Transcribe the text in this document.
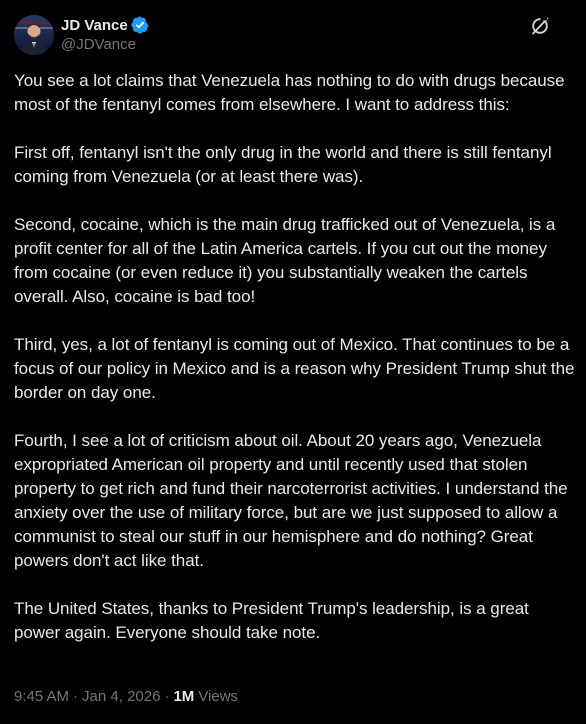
JD Vance
@JDVance

You see a lot claims that Venezuela has nothing to do with drugs because most of the fentanyl comes from elsewhere. I want to address this:

First off, fentanyl isn't the only drug in the world and there is still fentanyl coming from Venezuela (or at least there was).

Second, cocaine, which is the main drug trafficked out of Venezuela, is a profit center for all of the Latin America cartels. If you cut out the money from cocaine (or even reduce it) you substantially weaken the cartels overall. Also, cocaine is bad too!

Third, yes, a lot of fentanyl is coming out of Mexico. That continues to be a focus of our policy in Mexico and is a reason why President Trump shut the border on day one.

Fourth, I see a lot of criticism about oil. About 20 years ago, Venezuela expropriated American oil property and until recently used that stolen property to get rich and fund their narcoterrorist activities. I understand the anxiety over the use of military force, but are we just supposed to allow a communist to steal our stuff in our hemisphere and do nothing? Great powers don't act like that.

The United States, thanks to President Trump's leadership, is a great power again. Everyone should take note.

9:45 AM · Jan 4, 2026 · 1M Views
